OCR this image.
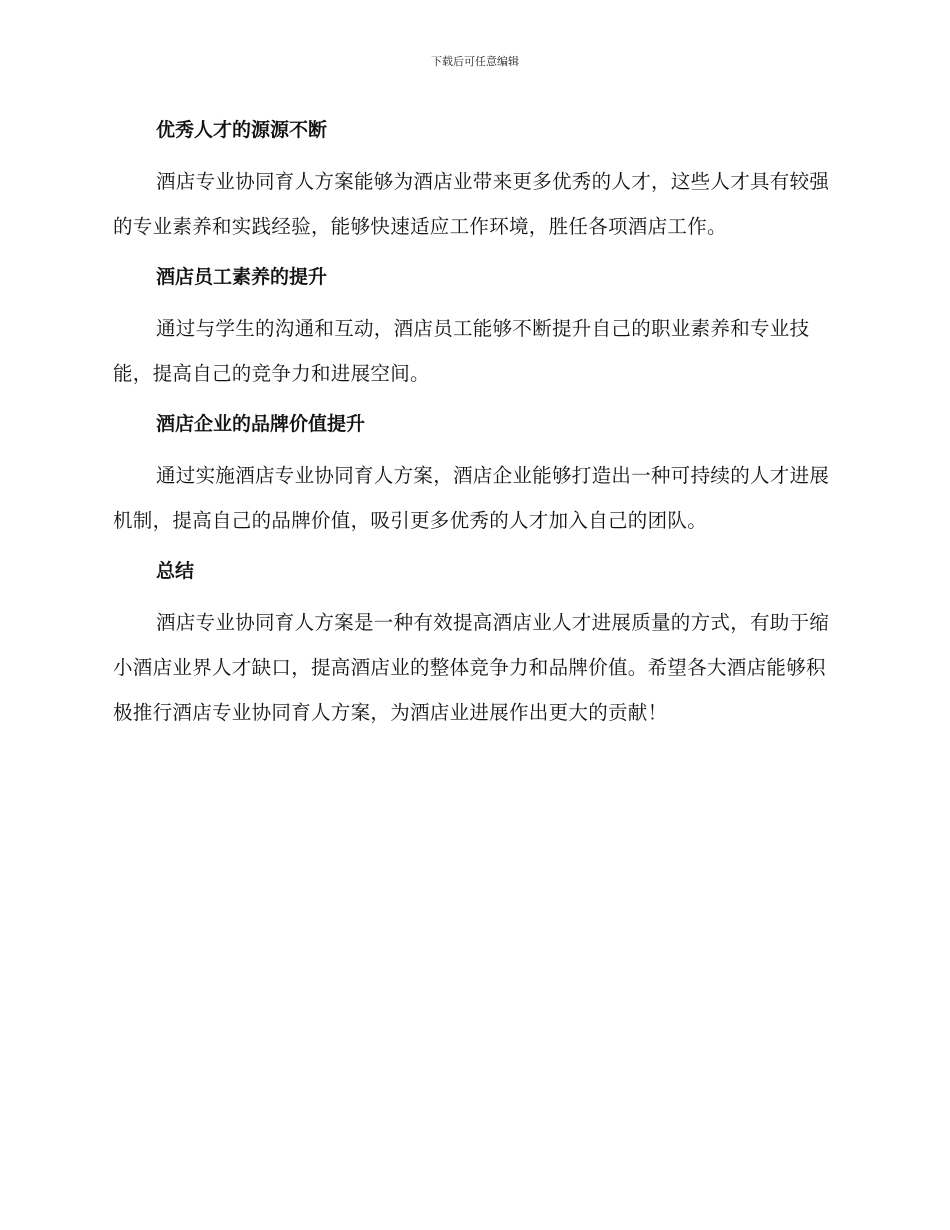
下载后可任意编辑
优秀人才的源源不断

酒店专业协同育人方案能够为酒店业带来更多优秀的人才，这些人才具有较强的专业素养和实践经验，能够快速适应工作环境，胜任各项酒店工作。

酒店员工素养的提升

通过与学生的沟通和互动，酒店员工能够不断提升自己的职业素养和专业技能，提高自己的竞争力和进展空间。

酒店企业的品牌价值提升

通过实施酒店专业协同育人方案，酒店企业能够打造出一种可持续的人才进展机制，提高自己的品牌价值，吸引更多优秀的人才加入自己的团队。

总结

酒店专业协同育人方案是一种有效提高酒店业人才进展质量的方式，有助于缩小酒店业界人才缺口，提高酒店业的整体竞争力和品牌价值。希望各大酒店能够积极推行酒店专业协同育人方案，为酒店业进展作出更大的贡献！
